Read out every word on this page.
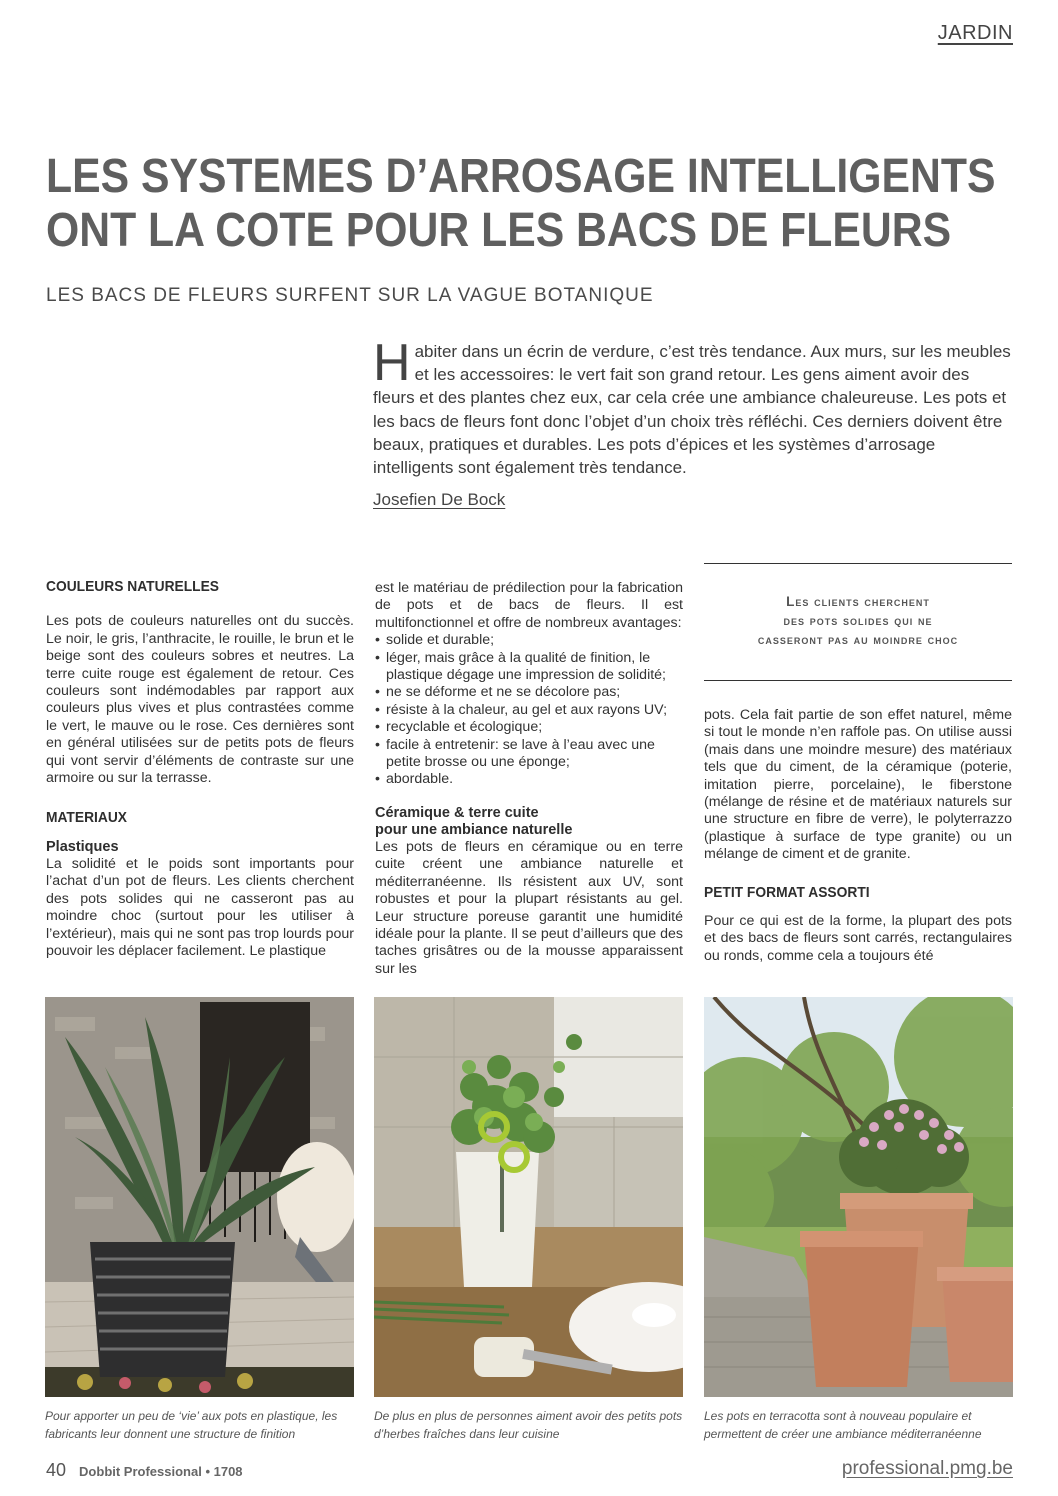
JARDIN
LES SYSTEMES D’ARROSAGE INTELLIGENTS
ONT LA COTE POUR LES BACS DE FLEURS
LES BACS DE FLEURS SURFENT SUR LA VAGUE BOTANIQUE

Habiter dans un écrin de verdure, c’est très tendance. Aux murs, sur les meubles et les accessoires: le vert fait son grand retour. Les gens aiment avoir des fleurs et des plantes chez eux, car cela crée une ambiance chaleureuse. Les pots et les bacs de fleurs font donc l’objet d’un choix très réfléchi. Ces derniers doivent être beaux, pratiques et durables. Les pots d’épices et les systèmes d’arrosage intelligents sont également très tendance.

Josefien De Bock
COULEURS NATURELLES

Les pots de couleurs naturelles ont du succès. Le noir, le gris, l’anthracite, le rouille, le brun et le beige sont des couleurs sobres et neutres. La terre cuite rouge est également de retour. Ces couleurs sont indémodables par rapport aux couleurs plus vives et plus contrastées comme le vert, le mauve ou le rose. Ces dernières sont en général utilisées sur de petits pots de fleurs qui vont servir d’éléments de contraste sur une armoire ou sur la terrasse.

MATERIAUX
Plastiques

La solidité et le poids sont importants pour l’achat d’un pot de fleurs. Les clients cherchent des pots solides qui ne casseront pas au moindre choc (surtout pour les utiliser à l’extérieur), mais qui ne sont pas trop lourds pour pouvoir les déplacer facilement. Le plastique

est le matériau de prédilection pour la fabrication de pots et de bacs de fleurs. Il est multifonctionnel et offre de nombreux avantages:

• solide et durable;
• léger, mais grâce à la qualité de finition, le plastique dégage une impression de solidité;
• ne se déforme et ne se décolore pas;
• résiste à la chaleur, au gel et aux rayons UV;
• recyclable et écologique;
• facile à entretenir: se lave à l’eau avec une petite brosse ou une éponge;
• abordable.
Céramique & terre cuite
pour une ambiance naturelle

Les pots de fleurs en céramique ou en terre cuite créent une ambiance naturelle et méditerranéenne. Ils résistent aux UV, sont robustes et pour la plupart résistants au gel. Leur structure poreuse garantit une humidité idéale pour la plante. Il se peut d’ailleurs que des taches grisâtres ou de la mousse apparaissent sur les

Les clients cherchent
des pots solides qui ne
casseront pas au moindre choc

pots. Cela fait partie de son effet naturel, même si tout le monde n’en raffole pas. On utilise aussi (mais dans une moindre mesure) des matériaux tels que du ciment, de la céramique (poterie, imitation pierre, porcelaine), le fiberstone (mélange de résine et de matériaux naturels sur une structure en fibre de verre), le polyterrazzo (plastique à surface de type granite) ou un mélange de ciment et de granite.

PETIT FORMAT ASSORTI

Pour ce qui est de la forme, la plupart des pots et des bacs de fleurs sont carrés, rectangulaires ou ronds, comme cela a toujours été

Pour apporter un peu de ‘vie’ aux pots en plastique, les fabricants leur donnent une structure de finition
De plus en plus de personnes aiment avoir des petits pots d’herbes fraîches dans leur cuisine
Les pots en terracotta sont à nouveau populaire et permettent de créer une ambiance méditerranéenne
40 Dobbit Professional • 1708	professional.pmg.be
